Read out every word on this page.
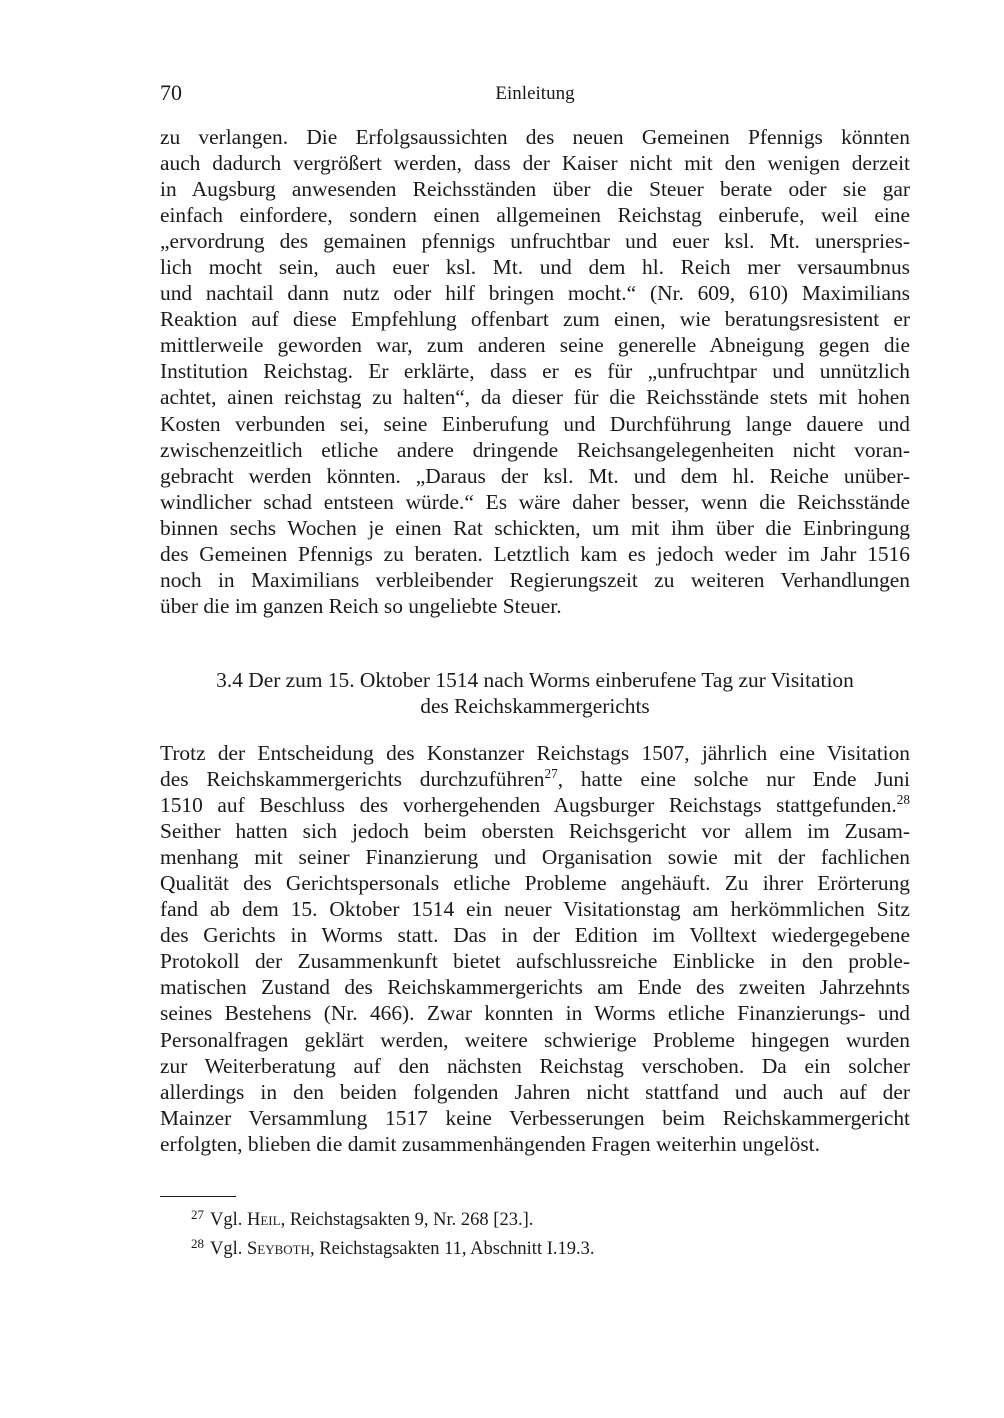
70	Einleitung
zu verlangen. Die Erfolgsaussichten des neuen Gemeinen Pfennigs könnten
auch dadurch vergrößert werden, dass der Kaiser nicht mit den wenigen derzeit
in Augsburg anwesenden Reichsständen über die Steuer berate oder sie gar
einfach einfordere, sondern einen allgemeinen Reichstag einberufe, weil eine
„ervordrung des gemainen pfennigs unfruchtbar und euer ksl. Mt. unerspries-
lich mocht sein, auch euer ksl. Mt. und dem hl. Reich mer versaumbnus
und nachtail dann nutz oder hilf bringen mocht.“ (Nr. 609, 610) Maximilians
Reaktion auf diese Empfehlung offenbart zum einen, wie beratungsresistent er
mittlerweile geworden war, zum anderen seine generelle Abneigung gegen die
Institution Reichstag. Er erklärte, dass er es für „unfruchtpar und unnützlich
achtet, ainen reichstag zu halten“, da dieser für die Reichsstände stets mit hohen
Kosten verbunden sei, seine Einberufung und Durchführung lange dauere und
zwischenzeitlich etliche andere dringende Reichsangelegenheiten nicht voran-
gebracht werden könnten. „Daraus der ksl. Mt. und dem hl. Reiche unüber-
windlicher schad entsteen würde.“ Es wäre daher besser, wenn die Reichsstände
binnen sechs Wochen je einen Rat schickten, um mit ihm über die Einbringung
des Gemeinen Pfennigs zu beraten. Letztlich kam es jedoch weder im Jahr 1516
noch in Maximilians verbleibender Regierungszeit zu weiteren Verhandlungen
über die im ganzen Reich so ungeliebte Steuer.
3.4 Der zum 15. Oktober 1514 nach Worms einberufene Tag zur Visitation
des Reichskammergerichts
Trotz der Entscheidung des Konstanzer Reichstags 1507, jährlich eine Visitation
des Reichskammergerichts durchzuführen$^{27}$, hatte eine solche nur Ende Juni
1510 auf Beschluss des vorhergehenden Augsburger Reichstags stattgefunden.$^{28}$
Seither hatten sich jedoch beim obersten Reichsgericht vor allem im Zusam-
menhang mit seiner Finanzierung und Organisation sowie mit der fachlichen
Qualität des Gerichtspersonals etliche Probleme angehäuft. Zu ihrer Erörterung
fand ab dem 15. Oktober 1514 ein neuer Visitationstag am herkömmlichen Sitz
des Gerichts in Worms statt. Das in der Edition im Volltext wiedergegebene
Protokoll der Zusammenkunft bietet aufschlussreiche Einblicke in den proble-
matischen Zustand des Reichskammergerichts am Ende des zweiten Jahrzehnts
seines Bestehens (Nr. 466). Zwar konnten in Worms etliche Finanzierungs- und
Personalfragen geklärt werden, weitere schwierige Probleme hingegen wurden
zur Weiterberatung auf den nächsten Reichstag verschoben. Da ein solcher
allerdings in den beiden folgenden Jahren nicht stattfand und auch auf der
Mainzer Versammlung 1517 keine Verbesserungen beim Reichskammergericht
erfolgten, blieben die damit zusammenhängenden Fragen weiterhin ungelöst.
27 Vgl. Heil, Reichstagsakten 9, Nr. 268 [23.].
28 Vgl. Seyboth, Reichstagsakten 11, Abschnitt I.19.3.
